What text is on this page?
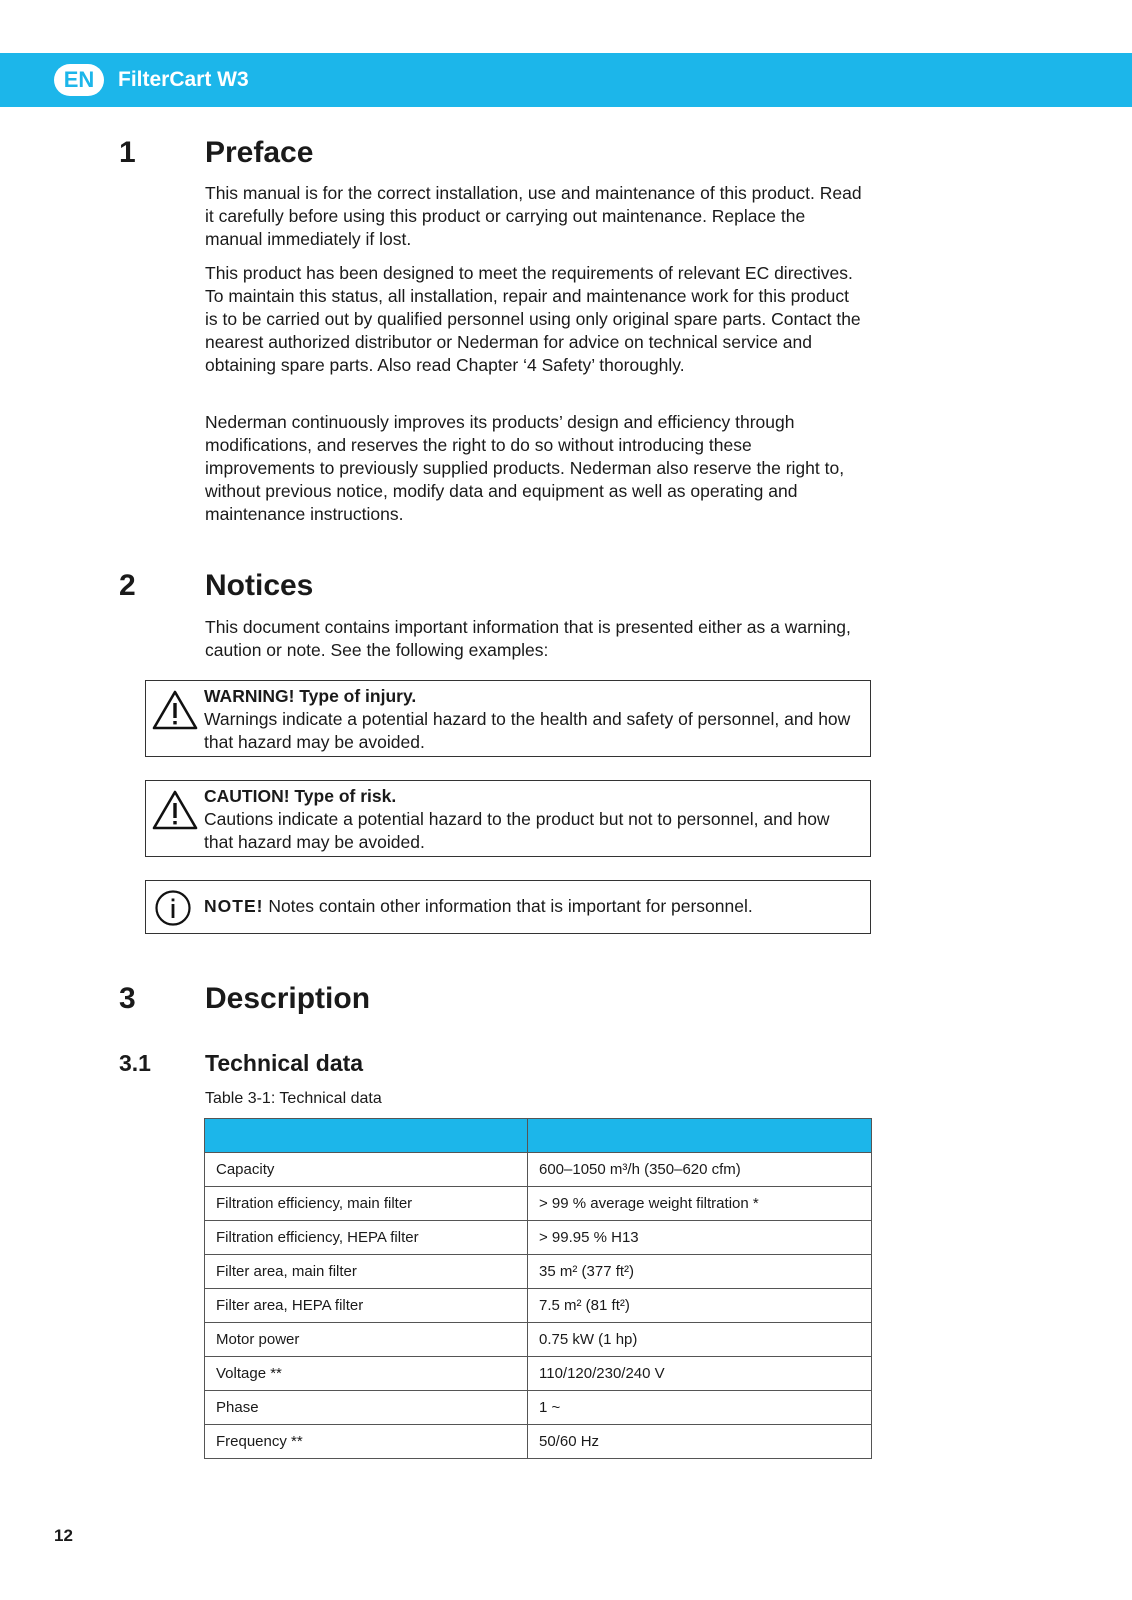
EN	FilterCart W3
1 Preface

This manual is for the correct installation, use and maintenance of this product. Read it carefully before using this product or carrying out maintenance. Replace the manual immediately if lost.

This product has been designed to meet the requirements of relevant EC directives. To maintain this status, all installation, repair and maintenance work for this product is to be carried out by qualified personnel using only original spare parts. Contact the nearest authorized distributor or Nederman for advice on technical service and obtaining spare parts. Also read Chapter ‘4 Safety’ thoroughly.

Nederman continuously improves its products’ design and efficiency through modifications, and reserves the right to do so without introducing these improvements to previously supplied products. Nederman also reserve the right to, without previous notice, modify data and equipment as well as operating and maintenance instructions.

2 Notices

This document contains important information that is presented either as a warning, caution or note. See the following examples:

WARNING! Type of injury.
Warnings indicate a potential hazard to the health and safety of personnel, and how that hazard may be avoided.
CAUTION! Type of risk.
Cautions indicate a potential hazard to the product but not to personnel, and how that hazard may be avoided.
NOTE! Notes contain other information that is important for personnel.
3 Description
3.1 Technical data
Table 3-1: Technical data

Capacity	600–1050 m³/h (350–620 cfm)
Filtration efficiency, main filter	> 99 % average weight filtration *
Filtration efficiency, HEPA filter	> 99.95 % H13
Filter area, main filter	35 m² (377 ft²)
Filter area, HEPA filter	7.5 m² (81 ft²)
Motor power	0.75 kW (1 hp)
Voltage **	110/120/230/240 V
Phase	1 ~
Frequency **	50/60 Hz
12
